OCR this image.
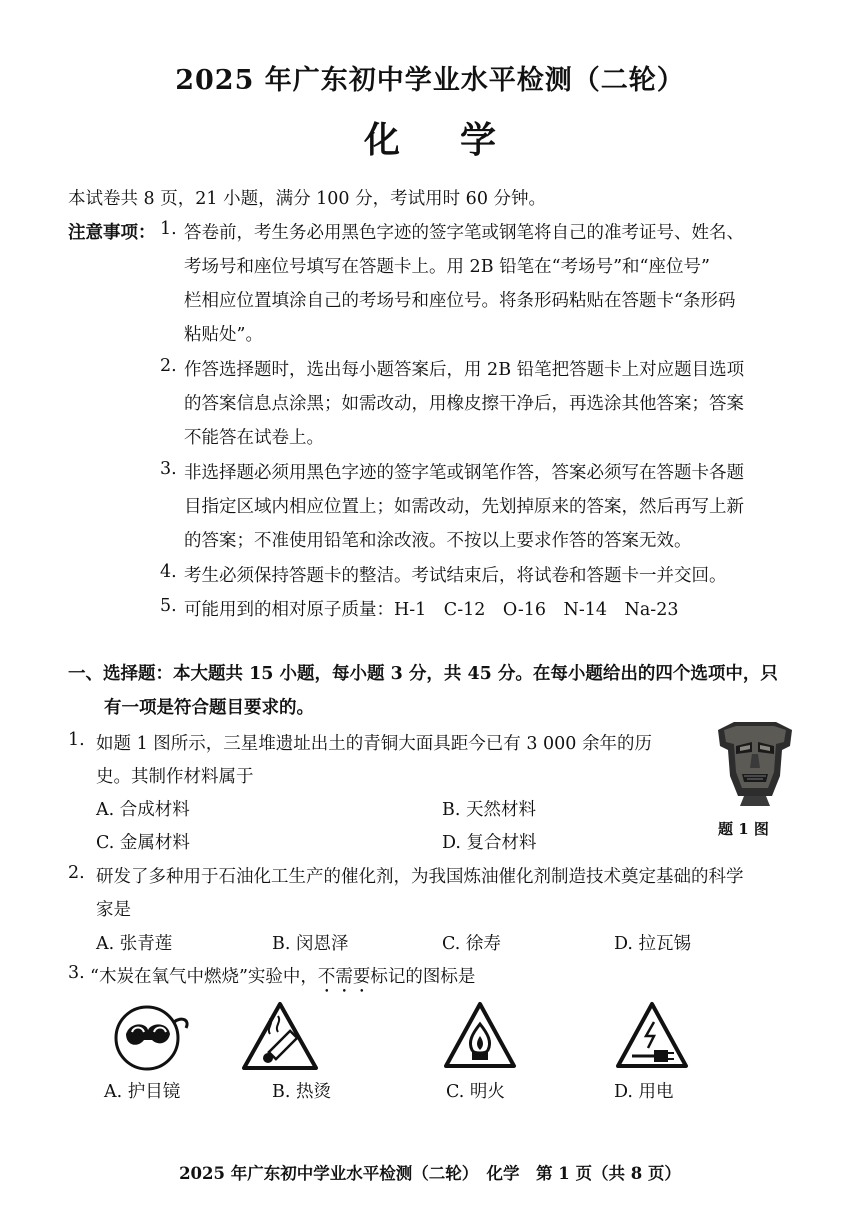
2025 年广东初中学业水平检测（二轮）
化学
本试卷共 8 页，21 小题，满分 100 分，考试用时 60 分钟。
注意事项： 1. 答卷前，考生务必用黑色字迹的签字笔或钢笔将自己的准考证号、姓名、
考场号和座位号填写在答题卡上。用 2B 铅笔在“考场号”和“座位号”
栏相应位置填涂自己的考场号和座位号。将条形码粘贴在答题卡“条形码
粘贴处”。
2. 作答选择题时，选出每小题答案后，用 2B 铅笔把答题卡上对应题目选项
的答案信息点涂黑；如需改动，用橡皮擦干净后，再选涂其他答案；答案
不能答在试卷上。
3. 非选择题必须用黑色字迹的签字笔或钢笔作答，答案必须写在答题卡各题
目指定区域内相应位置上；如需改动，先划掉原来的答案，然后再写上新
的答案；不准使用铅笔和涂改液。不按以上要求作答的答案无效。
4. 考生必须保持答题卡的整洁。考试结束后，将试卷和答题卡一并交回。
5. 可能用到的相对原子质量：H-1　C-12　O-16　N-14　Na-23
一、选择题：本大题共 15 小题，每小题 3 分，共 45 分。在每小题给出的四个选项中，只
有一项是符合题目要求的。
1. 如题 1 图所示，三星堆遗址出土的青铜大面具距今已有 3 000 余年的历
史。其制作材料属于
A. 合成材料	B. 天然材料
C. 金属材料	D. 复合材料
题 1 图
2. 研发了多种用于石油化工生产的催化剂，为我国炼油催化剂制造技术奠定基础的科学
家是
A. 张青莲	B. 闵恩泽	C. 徐寿	D. 拉瓦锡
3. “木炭在氧气中燃烧”实验中，不需要标记的图标是
A. 护目镜	B. 热烫	C. 明火	D. 用电
2025 年广东初中学业水平检测（二轮）　化学　第 1 页（共 8 页）
